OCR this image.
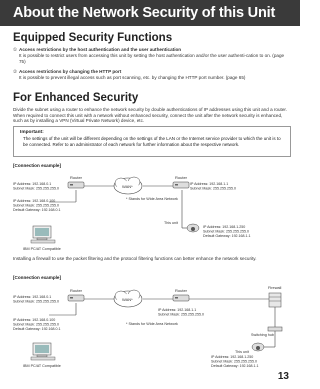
About the Network Security of this Unit
Equipped Security Functions
① Access restrictions by the host authentication and the user authentication
It is possible to restrict users from accessing this unit by setting the host authentication and/or the user authenti-cation to on. (page 75)
② Access restrictions by changing the HTTP port
It is possible to prevent illegal access such as port scanning, etc. by changing the HTTP port number. (page 65)
For Enhanced Security
Divide the subnet using a router to enhance the network security by double authentications of IP addresses using this unit and a router. When required to connect this unit with a network without enhanced security, connect the unit after the network security is enhanced, such as by installing a VPN (Virtual Private Network) device, etc.
Important:
The settings of the unit will be different depending on the settings of the LAN or the Internet service provider to which the unit is to be connected. Refer to an administrator of each network for further information about the respective network.
[Connection example]
Router
WAN*
* Stands for Wide Area Network
Router
IP Address: 192.168.0.1
Subnet Mask: 255.255.255.0
IP Address: 192.168.1.1
Subnet Mask: 255.255.255.0
IP Address: 192.168.0.100
Subnet Mask: 255.255.255.0
Default Gateway: 192.168.0.1
IBM PC/AT Compatible
This unit
IP Address: 192.168.1.250
Subnet Mask: 255.255.255.0
Default Gateway: 192.168.1.1
Installing a firewall to use the packet filtering and the protocol filtering functions can better enhance the network security.
[Connection example]
Router
WAN*
* Stands for Wide Area Network
Router
Firewall
Switching hub
IP Address: 192.168.0.1
Subnet Mask: 255.255.255.0
IP Address: 192.168.1.1
Subnet Mask: 255.255.255.0
IP Address: 192.168.0.100
Subnet Mask: 255.255.255.0
Default Gateway: 192.168.0.1
IBM PC/AT Compatible
This unit
IP Address: 192.168.1.250
Subnet Mask: 255.255.255.0
Default Gateway: 192.168.1.1
13
